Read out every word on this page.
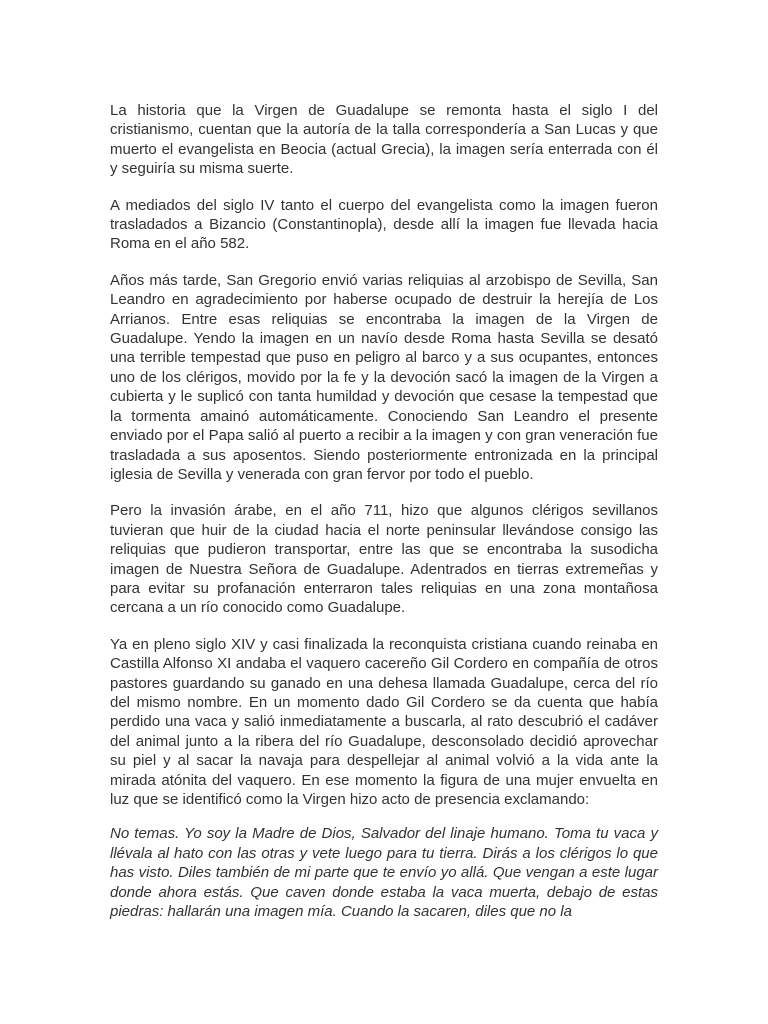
La historia que la Virgen de Guadalupe se remonta hasta el siglo I del cristianismo, cuentan que la autoría de la talla correspondería a San Lucas y que muerto el evangelista en Beocia (actual Grecia), la imagen sería enterrada con él y seguiría su misma suerte.

A mediados del siglo IV tanto el cuerpo del evangelista como la imagen fueron trasladados a Bizancio (Constantinopla), desde allí la imagen fue llevada hacia Roma en el año 582.

Años más tarde, San Gregorio envió varias reliquias al arzobispo de Sevilla, San Leandro en agradecimiento por haberse ocupado de destruir la herejía de Los Arrianos. Entre esas reliquias se encontraba la imagen de la Virgen de Guadalupe. Yendo la imagen en un navío desde Roma hasta Sevilla se desató una terrible tempestad que puso en peligro al barco y a sus ocupantes, entonces uno de los clérigos, movido por la fe y la devoción sacó la imagen de la Virgen a cubierta y le suplicó con tanta humildad y devoción que cesase la tempestad que la tormenta amainó automáticamente. Conociendo San Leandro el presente enviado por el Papa salió al puerto a recibir a la imagen y con gran veneración fue trasladada a sus aposentos. Siendo posteriormente entronizada en la principal iglesia de Sevilla y venerada con gran fervor por todo el pueblo.

Pero la invasión árabe, en el año 711, hizo que algunos clérigos sevillanos tuvieran que huir de la ciudad hacia el norte peninsular llevándose consigo las reliquias que pudieron transportar, entre las que se encontraba la susodicha imagen de Nuestra Señora de Guadalupe. Adentrados en tierras extremeñas y para evitar su profanación enterraron tales reliquias en una zona montañosa cercana a un río conocido como Guadalupe.

Ya en pleno siglo XIV y casi finalizada la reconquista cristiana cuando reinaba en Castilla Alfonso XI andaba el vaquero cacereño Gil Cordero en compañía de otros pastores guardando su ganado en una dehesa llamada Guadalupe, cerca del río del mismo nombre. En un momento dado Gil Cordero se da cuenta que había perdido una vaca y salió inmediatamente a buscarla, al rato descubrió el cadáver del animal junto a la ribera del río Guadalupe, desconsolado decidió aprovechar su piel y al sacar la navaja para despellejar al animal volvió a la vida ante la mirada atónita del vaquero. En ese momento la figura de una mujer envuelta en luz que se identificó como la Virgen hizo acto de presencia exclamando:

No temas. Yo soy la Madre de Dios, Salvador del linaje humano. Toma tu vaca y llévala al hato con las otras y vete luego para tu tierra. Dirás a los clérigos lo que has visto. Diles también de mi parte que te envío yo allá. Que vengan a este lugar donde ahora estás. Que caven donde estaba la vaca muerta, debajo de estas piedras: hallarán una imagen mía. Cuando la sacaren, diles que no la
